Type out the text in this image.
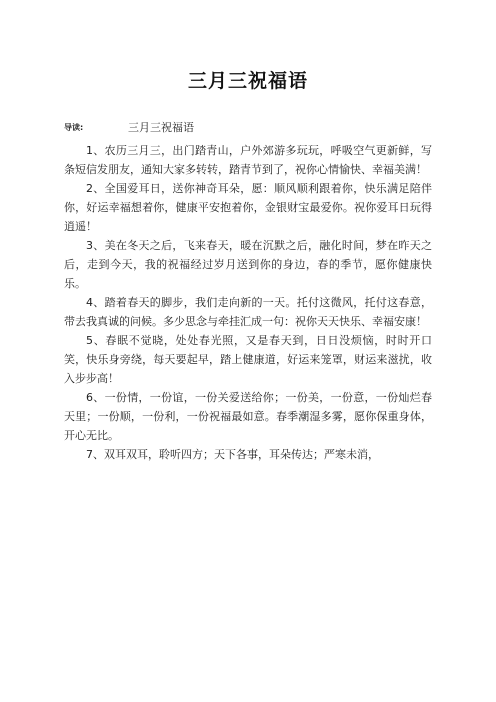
三月三祝福语
导读:	三月三祝福语

1、农历三月三，出门踏青山，户外郊游多玩玩，呼吸空气更新鲜，写条短信发朋友，通知大家多转转，踏青节到了，祝你心情愉快、幸福美满！

2、全国爱耳日，送你神奇耳朵，愿：顺风顺利跟着你，快乐满足陪伴你，好运幸福想着你，健康平安抱着你，金银财宝最爱你。祝你爱耳日玩得逍遥！

3、美在冬天之后，飞来春天，暖在沉默之后，融化时间，梦在昨天之后，走到今天，我的祝福经过岁月送到你的身边，春的季节，愿你健康快乐。

4、踏着春天的脚步，我们走向新的一天。托付这微风，托付这春意，带去我真诚的问候。多少思念与牵挂汇成一句：祝你天天快乐、幸福安康！

5、春眠不觉晓，处处春光照，又是春天到，日日没烦恼，时时开口笑，快乐身旁绕，每天要起早，踏上健康道，好运来笼罩，财运来滋扰，收入步步高！

6、一份情，一份谊，一份关爱送给你；一份美，一份意，一份灿烂春天里；一份顺，一份利，一份祝福最如意。春季潮湿多雾，愿你保重身体，开心无比。

7、双耳双耳，聆听四方；天下各事，耳朵传达；严寒未消，
